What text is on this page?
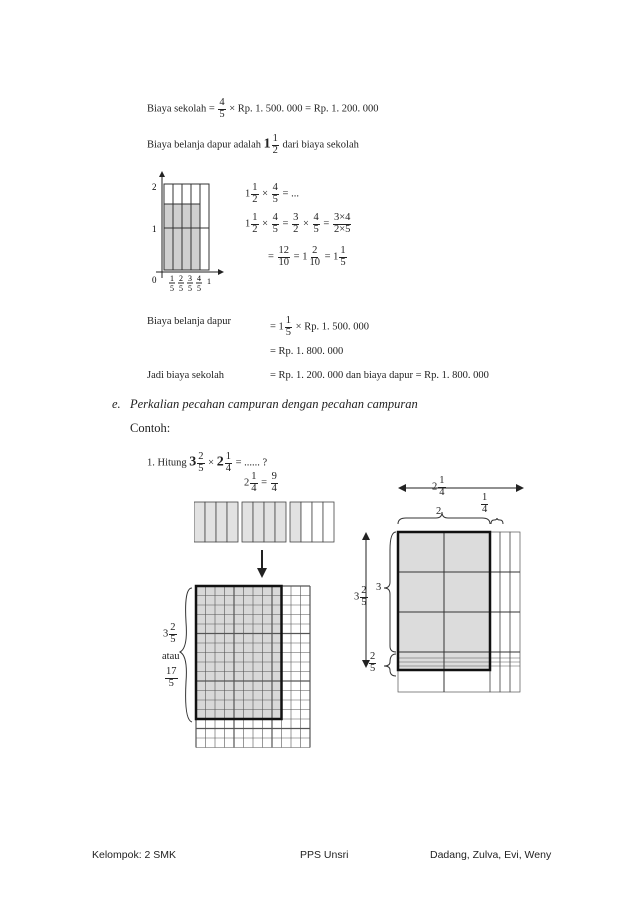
Biaya sekolah = $\frac{4}{5} \times Rp$. 1. 500. 000 = Rp. 1. 200. 000
Biaya belanja dapur adalah $1 \frac{1}{2}$ dari biaya sekolah
2
1
0 1 2 3 4 1
5 5 5 5
$1 \frac{1}{2} \times \frac{4}{5}$ = ...
$1 \frac{1}{2} \times \frac{4}{5} = \frac{3}{2} \times \frac{4}{5} = \frac{3\times 4}{2\times 5}$
= $\frac{12}{10} = 1 \frac{2}{10} = 1 \frac{1}{5}$
Biaya belanja dapur	= $1 \frac{1}{5} \times Rp$. 1. 500. 000
= Rp. 1. 800. 000
Jadi biaya sekolah	= Rp. 1. 200. 000 dan biaya dapur = Rp. 1. 800. 000
e. Perkalian pecahan campuran dengan pecahan campuran
Contoh:
1. Hitung $3 \frac{2}{5} \times 2 \frac{1}{4}$ = ...... ?
$2 \frac{1}{4} = \frac{9}{4}$
$3 \frac{2}{5}$
atau
$\frac{17}{5}$
$2 \frac{1}{4}$
2	$\frac{1}{4}$
$3 \frac{2}{5} 3$
$\frac{2}{5}$
Kelompok: 2 SMK	PPS Unsri	Dadang, Zulva, Evi, Weny
